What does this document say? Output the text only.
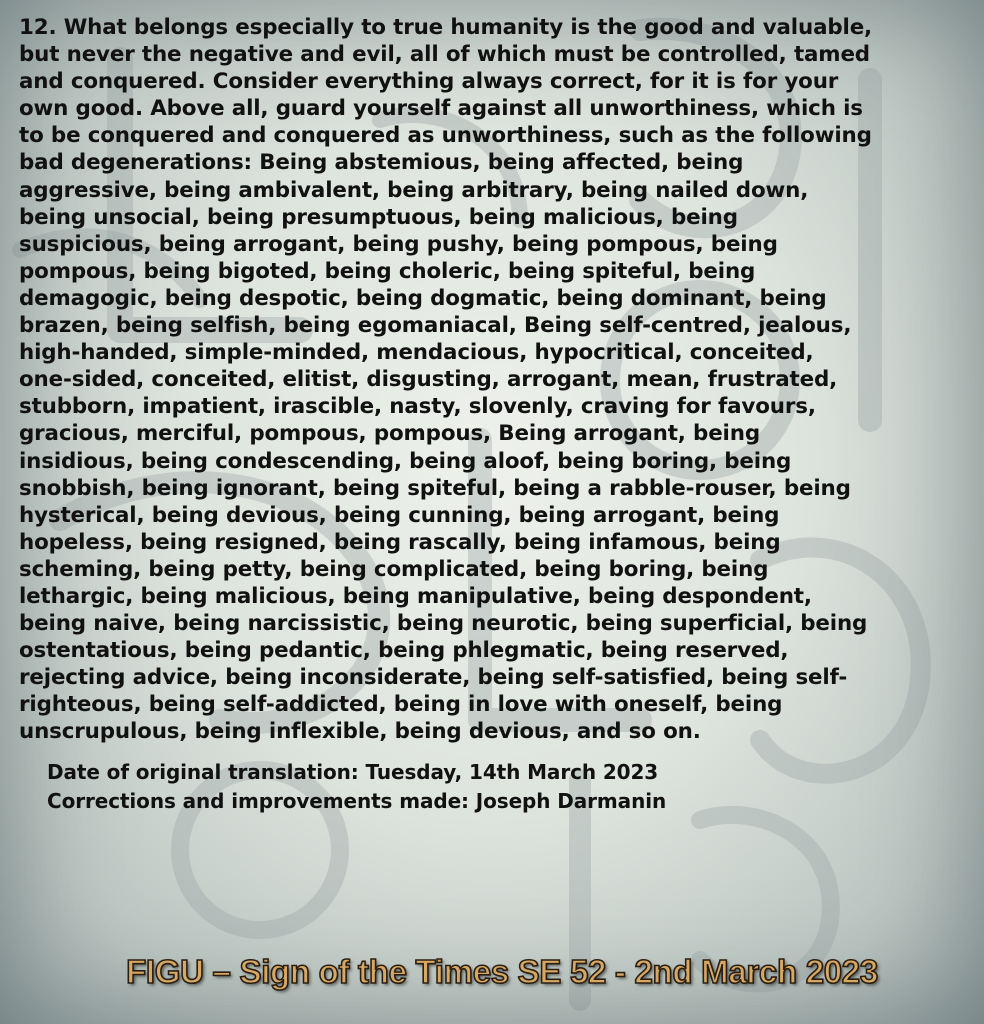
12. What belongs especially to true humanity is the good and valuable,
but never the negative and evil, all of which must be controlled, tamed
and conquered. Consider everything always correct, for it is for your
own good. Above all, guard yourself against all unworthiness, which is
to be conquered and conquered as unworthiness, such as the following
bad degenerations: Being abstemious, being affected, being
aggressive, being ambivalent, being arbitrary, being nailed down,
being unsocial, being presumptuous, being malicious, being
suspicious, being arrogant, being pushy, being pompous, being
pompous, being bigoted, being choleric, being spiteful, being
demagogic, being despotic, being dogmatic, being dominant, being
brazen, being selfish, being egomaniacal, Being self-centred, jealous,
high-handed, simple-minded, mendacious, hypocritical, conceited,
one-sided, conceited, elitist, disgusting, arrogant, mean, frustrated,
stubborn, impatient, irascible, nasty, slovenly, craving for favours,
gracious, merciful, pompous, pompous, Being arrogant, being
insidious, being condescending, being aloof, being boring, being
snobbish, being ignorant, being spiteful, being a rabble-rouser, being
hysterical, being devious, being cunning, being arrogant, being
hopeless, being resigned, being rascally, being infamous, being
scheming, being petty, being complicated, being boring, being
lethargic, being malicious, being manipulative, being despondent,
being naive, being narcissistic, being neurotic, being superficial, being
ostentatious, being pedantic, being phlegmatic, being reserved,
rejecting advice, being inconsiderate, being self-satisfied, being self-
righteous, being self-addicted, being in love with oneself, being
unscrupulous, being inflexible, being devious, and so on.

Date of original translation: Tuesday, 14th March 2023
Corrections and improvements made: Joseph Darmanin
FIGU – Sign of the Times SE 52 - 2nd March 2023
